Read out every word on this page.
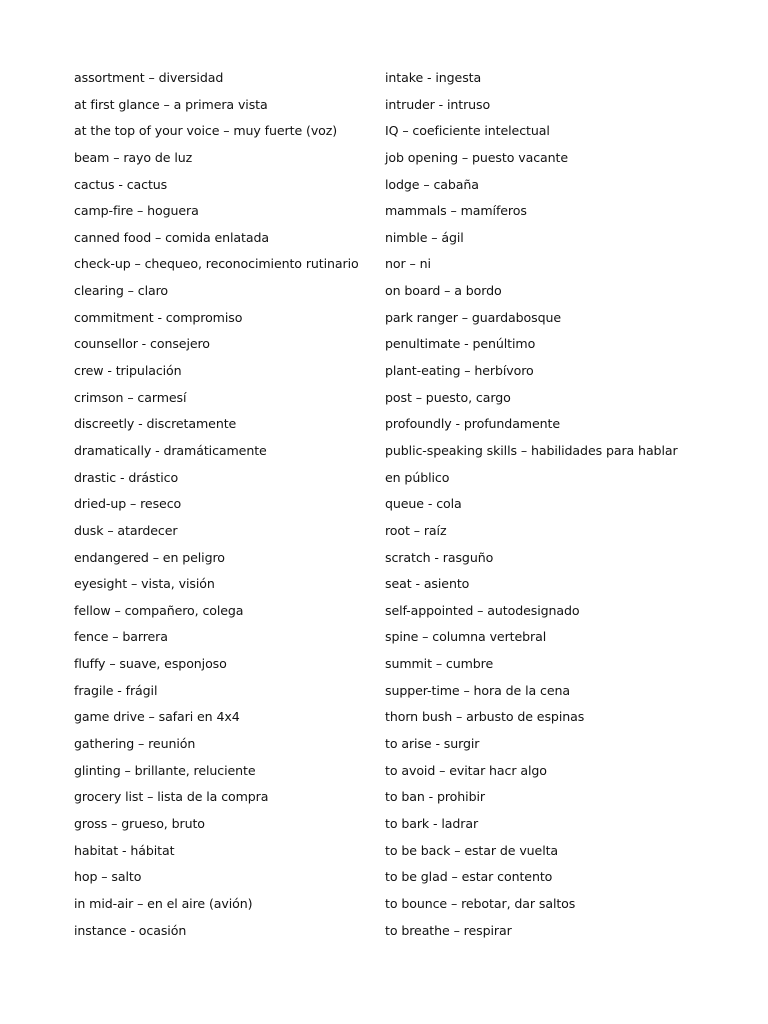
assortment – diversidad
at first glance – a primera vista
at the top of your voice – muy fuerte (voz)
beam – rayo de luz
cactus - cactus
camp-fire – hoguera
canned food – comida enlatada
check-up – chequeo, reconocimiento rutinario
clearing – claro
commitment - compromiso
counsellor - consejero
crew - tripulación
crimson – carmesí
discreetly - discretamente
dramatically - dramáticamente
drastic - drástico
dried-up – reseco
dusk – atardecer
endangered – en peligro
eyesight – vista, visión
fellow – compañero, colega
fence – barrera
fluffy – suave, esponjoso
fragile - frágil
game drive – safari en 4x4
gathering – reunión
glinting – brillante, reluciente
grocery list – lista de la compra
gross – grueso, bruto
habitat - hábitat
hop – salto
in mid-air – en el aire (avión)
instance - ocasión
intake - ingesta
intruder - intruso
IQ – coeficiente intelectual
job opening – puesto vacante
lodge – cabaña
mammals – mamíferos
nimble – ágil
nor – ni
on board – a bordo
park ranger – guardabosque
penultimate - penúltimo
plant-eating – herbívoro
post – puesto, cargo
profoundly - profundamente
public-speaking skills – habilidades para hablar
en público
queue - cola
root – raíz
scratch - rasguño
seat - asiento
self-appointed – autodesignado
spine – columna vertebral
summit – cumbre
supper-time – hora de la cena
thorn bush – arbusto de espinas
to arise - surgir
to avoid – evitar hacr algo
to ban - prohibir
to bark - ladrar
to be back – estar de vuelta
to be glad – estar contento
to bounce – rebotar, dar saltos
to breathe – respirar
